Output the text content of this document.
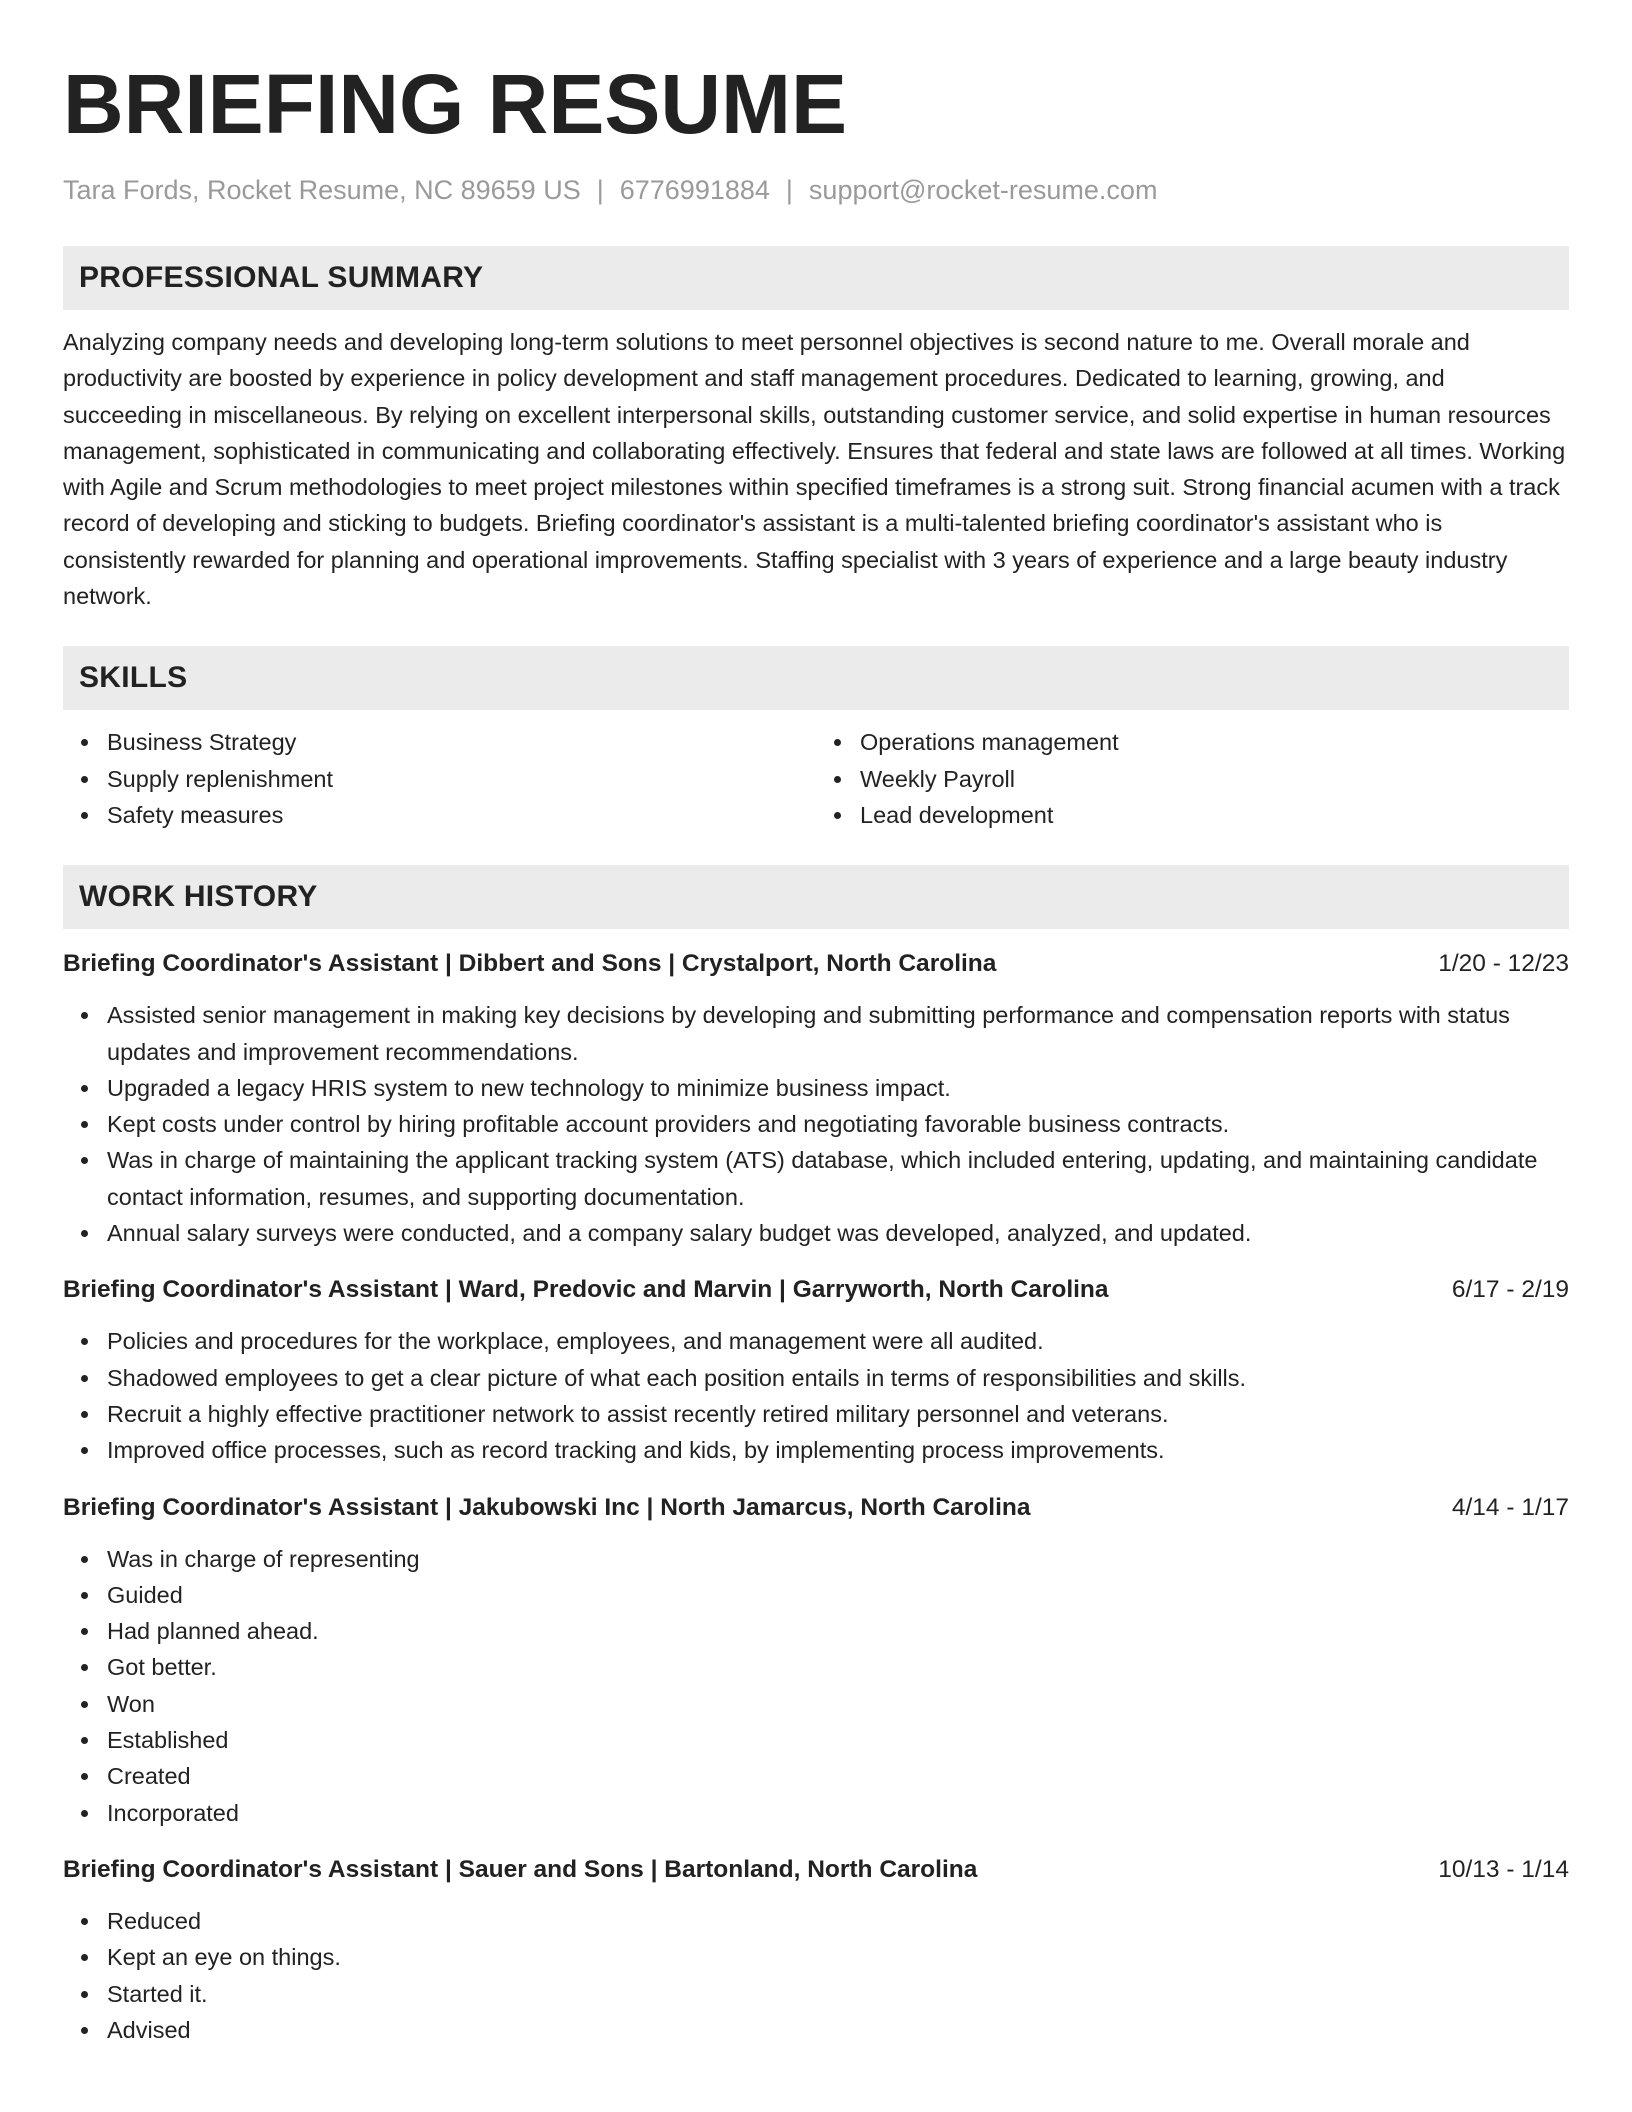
BRIEFING RESUME
Tara Fords, Rocket Resume, NC 89659 US | 6776991884 | support@rocket-resume.com
PROFESSIONAL SUMMARY
Analyzing company needs and developing long-term solutions to meet personnel objectives is second nature to me. Overall morale and productivity are boosted by experience in policy development and staff management procedures. Dedicated to learning, growing, and succeeding in miscellaneous. By relying on excellent interpersonal skills, outstanding customer service, and solid expertise in human resources management, sophisticated in communicating and collaborating effectively. Ensures that federal and state laws are followed at all times. Working with Agile and Scrum methodologies to meet project milestones within specified timeframes is a strong suit. Strong financial acumen with a track record of developing and sticking to budgets. Briefing coordinator's assistant is a multi-talented briefing coordinator's assistant who is consistently rewarded for planning and operational improvements. Staffing specialist with 3 years of experience and a large beauty industry network.
SKILLS
Business Strategy
Supply replenishment
Safety measures
Operations management
Weekly Payroll
Lead development
WORK HISTORY
Briefing Coordinator's Assistant | Dibbert and Sons | Crystalport, North Carolina	1/20 - 12/23
Assisted senior management in making key decisions by developing and submitting performance and compensation reports with status updates and improvement recommendations.
Upgraded a legacy HRIS system to new technology to minimize business impact.
Kept costs under control by hiring profitable account providers and negotiating favorable business contracts.
Was in charge of maintaining the applicant tracking system (ATS) database, which included entering, updating, and maintaining candidate contact information, resumes, and supporting documentation.
Annual salary surveys were conducted, and a company salary budget was developed, analyzed, and updated.
Briefing Coordinator's Assistant | Ward, Predovic and Marvin | Garryworth, North Carolina	6/17 - 2/19
Policies and procedures for the workplace, employees, and management were all audited.
Shadowed employees to get a clear picture of what each position entails in terms of responsibilities and skills.
Recruit a highly effective practitioner network to assist recently retired military personnel and veterans.
Improved office processes, such as record tracking and kids, by implementing process improvements.
Briefing Coordinator's Assistant | Jakubowski Inc | North Jamarcus, North Carolina	4/14 - 1/17
Was in charge of representing
Guided
Had planned ahead.
Got better.
Won
Established
Created
Incorporated
Briefing Coordinator's Assistant | Sauer and Sons | Bartonland, North Carolina	10/13 - 1/14
Reduced
Kept an eye on things.
Started it.
Advised
